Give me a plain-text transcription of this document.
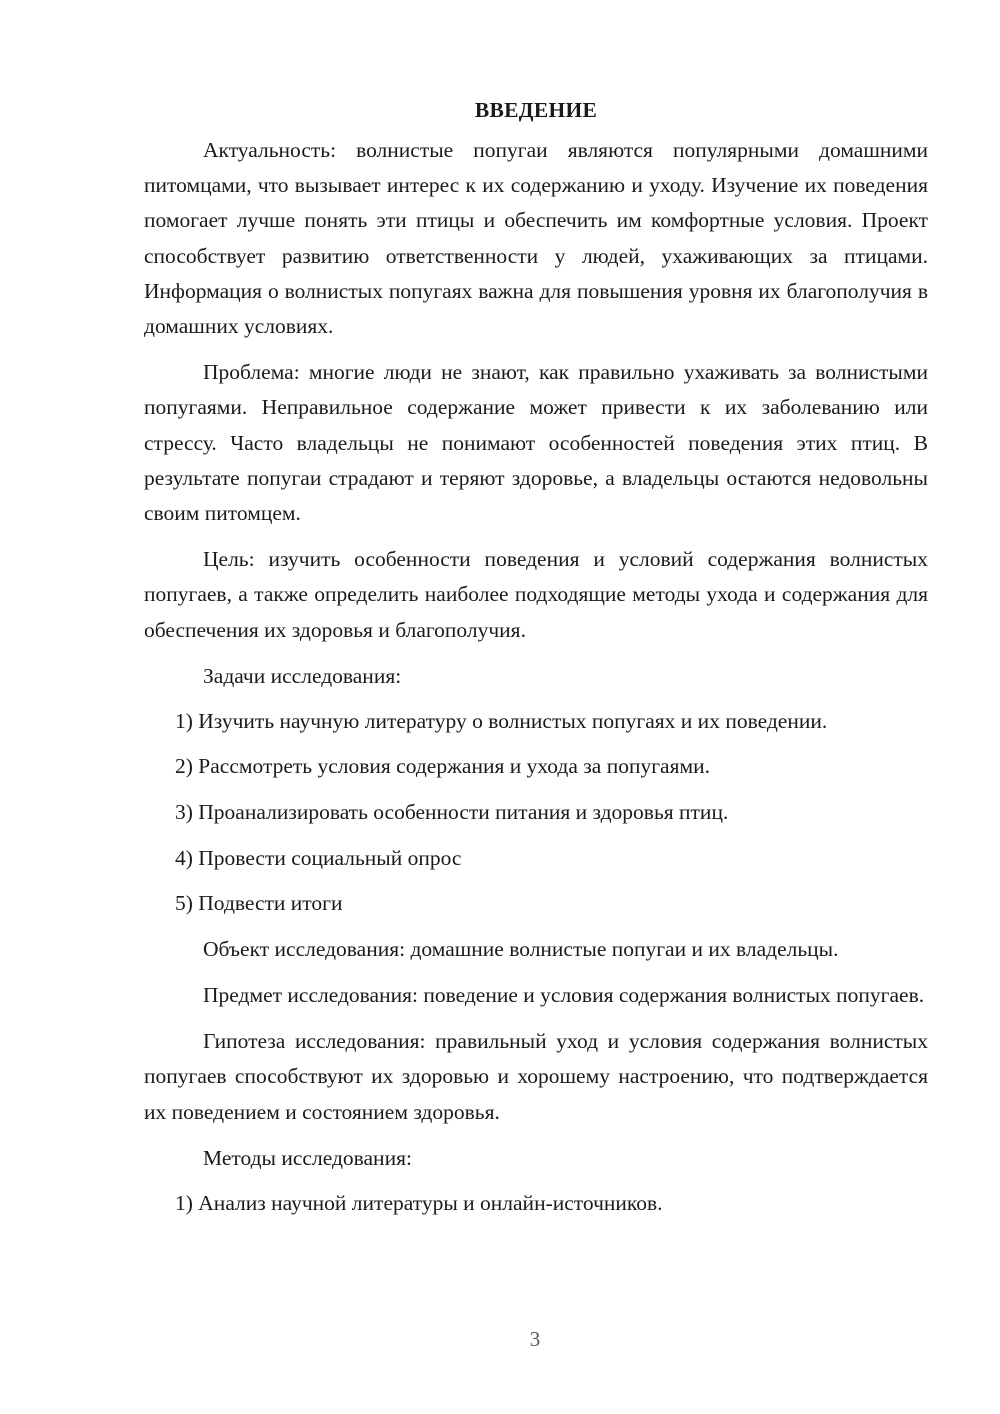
ВВЕДЕНИЕ

Актуальность: волнистые попугаи являются популярными домашними питомцами, что вызывает интерес к их содержанию и уходу. Изучение их поведения помогает лучше понять эти птицы и обеспечить им комфортные условия. Проект способствует развитию ответственности у людей, ухаживающих за птицами. Информация о волнистых попугаях важна для повышения уровня их благополучия в домашних условиях.

Проблема: многие люди не знают, как правильно ухаживать за волнистыми попугаями. Неправильное содержание может привести к их заболеванию или стрессу. Часто владельцы не понимают особенностей поведения этих птиц. В результате попугаи страдают и теряют здоровье, а владельцы остаются недовольны своим питомцем.

Цель: изучить особенности поведения и условий содержания волнистых попугаев, а также определить наиболее подходящие методы ухода и содержания для обеспечения их здоровья и благополучия.

Задачи исследования:
1) Изучить научную литературу о волнистых попугаях и их поведении.
2) Рассмотреть условия содержания и ухода за попугаями.
3) Проанализировать особенности питания и здоровья птиц.
4) Провести социальный опрос
5) Подвести итоги

Объект исследования: домашние волнистые попугаи и их владельцы.

Предмет исследования: поведение и условия содержания волнистых попугаев.

Гипотеза исследования: правильный уход и условия содержания волнистых попугаев способствуют их здоровью и хорошему настроению, что подтверждается их поведением и состоянием здоровья.

Методы исследования:
1) Анализ научной литературы и онлайн-источников.
3
